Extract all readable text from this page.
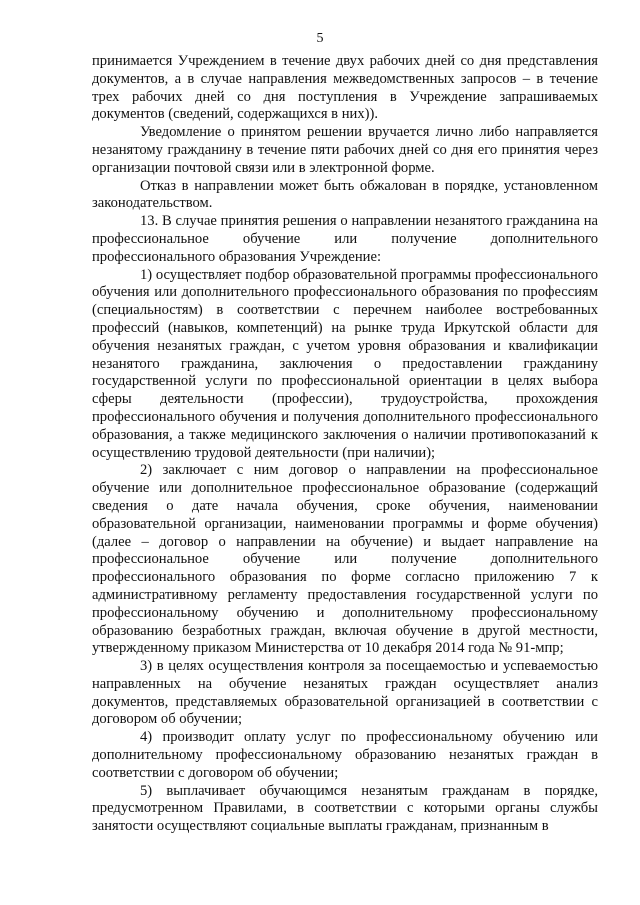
5

принимается Учреждением в течение двух рабочих дней со дня представления документов, а в случае направления межведомственных запросов – в течение трех рабочих дней со дня поступления в Учреждение запрашиваемых документов (сведений, содержащихся в них)).

Уведомление о принятом решении вручается лично либо направляется незанятому гражданину в течение пяти рабочих дней со дня его принятия через организации почтовой связи или в электронной форме.

Отказ в направлении может быть обжалован в порядке, установленном законодательством.

13. В случае принятия решения о направлении незанятого гражданина на профессиональное обучение или получение дополнительного профессионального образования Учреждение:

1) осуществляет подбор образовательной программы профессионального обучения или дополнительного профессионального образования по профессиям (специальностям) в соответствии с перечнем наиболее востребованных профессий (навыков, компетенций) на рынке труда Иркутской области для обучения незанятых граждан, с учетом уровня образования и квалификации незанятого гражданина, заключения о предоставлении гражданину государственной услуги по профессиональной ориентации в целях выбора сферы деятельности (профессии), трудоустройства, прохождения профессионального обучения и получения дополнительного профессионального образования, а также медицинского заключения о наличии противопоказаний к осуществлению трудовой деятельности (при наличии);

2) заключает с ним договор о направлении на профессиональное обучение или дополнительное профессиональное образование (содержащий сведения о дате начала обучения, сроке обучения, наименовании образовательной организации, наименовании программы и форме обучения) (далее – договор о направлении на обучение) и выдает направление на профессиональное обучение или получение дополнительного профессионального образования по форме согласно приложению 7 к административному регламенту предоставления государственной услуги по профессиональному обучению и дополнительному профессиональному образованию безработных граждан, включая обучение в другой местности, утвержденному приказом Министерства от 10 декабря 2014 года № 91-мпр;

3) в целях осуществления контроля за посещаемостью и успеваемостью направленных на обучение незанятых граждан осуществляет анализ документов, представляемых образовательной организацией в соответствии с договором об обучении;

4) производит оплату услуг по профессиональному обучению или дополнительному профессиональному образованию незанятых граждан в соответствии с договором об обучении;

5) выплачивает обучающимся незанятым гражданам в порядке, предусмотренном Правилами, в соответствии с которыми органы службы занятости осуществляют социальные выплаты гражданам, признанным в
